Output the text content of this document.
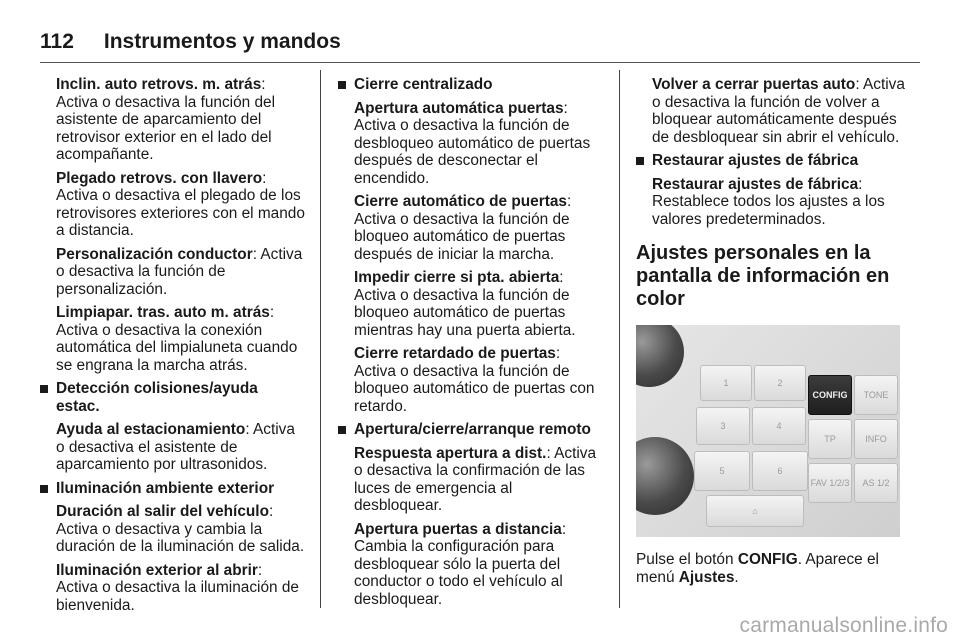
112 Instrumentos y mandos
Inclin. auto retrovs. m. atrás: Activa o desactiva la función del asistente de aparcamiento del retrovisor exterior en el lado del acompañante.
Plegado retrovs. con llavero: Activa o desactiva el plegado de los retrovisores exteriores con el mando a distancia.
Personalización conductor: Activa o desactiva la función de personalización.
Limpiapar. tras. auto m. atrás: Activa o desactiva la conexión automática del limpialuneta cuando se engrana la marcha atrás.
Detección colisiones/ayuda estac.
Ayuda al estacionamiento: Activa o desactiva el asistente de aparcamiento por ultrasonidos.
Iluminación ambiente exterior
Duración al salir del vehículo: Activa o desactiva y cambia la duración de la iluminación de salida.
Iluminación exterior al abrir: Activa o desactiva la iluminación de bienvenida.
Cierre centralizado
Apertura automática puertas: Activa o desactiva la función de desbloqueo automático de puertas después de desconectar el encendido.
Cierre automático de puertas: Activa o desactiva la función de bloqueo automático de puertas después de iniciar la marcha.
Impedir cierre si pta. abierta: Activa o desactiva la función de bloqueo automático de puertas mientras hay una puerta abierta.
Cierre retardado de puertas: Activa o desactiva la función de bloqueo automático de puertas con retardo.
Apertura/cierre/arranque remoto
Respuesta apertura a dist.: Activa o desactiva la confirmación de las luces de emergencia al desbloquear.
Apertura puertas a distancia: Cambia la configuración para desbloquear sólo la puerta del conductor o todo el vehículo al desbloquear.
Volver a cerrar puertas auto: Activa o desactiva la función de volver a bloquear automáticamente después de desbloquear sin abrir el vehículo.
Restaurar ajustes de fábrica
Restaurar ajustes de fábrica: Restablece todos los ajustes a los valores predeterminados.
Ajustes personales en la pantalla de información en color
1	2
CONFIG	TONE
3	4
TP	INFO
5	6
FAV 1/2/3	AS 1/2
⌂

Pulse el botón CONFIG. Aparece el menú Ajustes.

carmanualsonline.info
